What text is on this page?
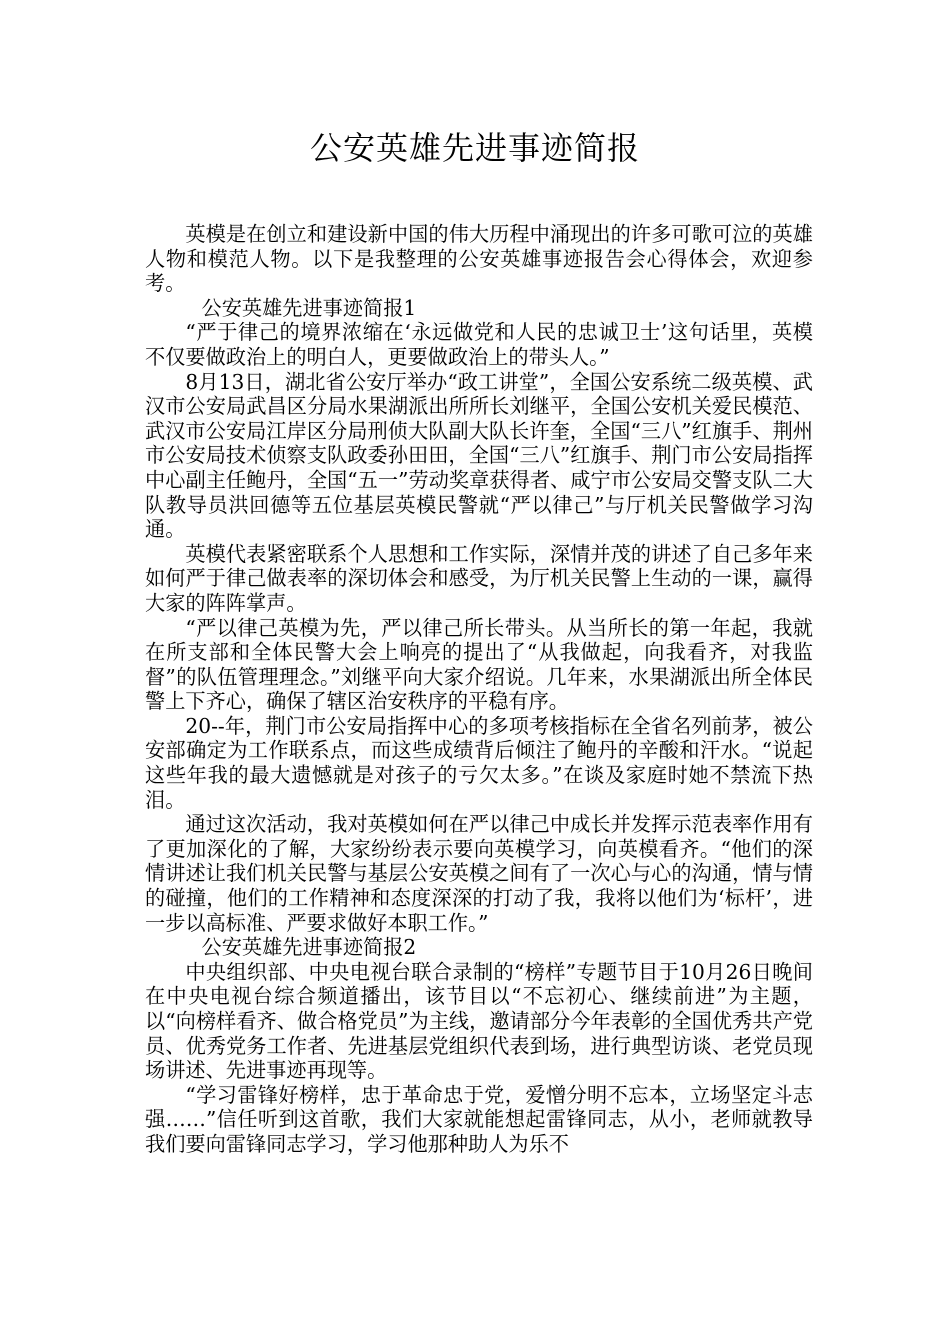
公安英雄先进事迹简报

英模是在创立和建设新中国的伟大历程中涌现出的许多可歌可泣的英雄人物和模范人物。以下是我整理的公安英雄事迹报告会心得体会，欢迎参考。

公安英雄先进事迹简报1

“严于律己的境界浓缩在‘永远做党和人民的忠诚卫士’这句话里，英模不仅要做政治上的明白人，更要做政治上的带头人。”

8月13日，湖北省公安厅举办“政工讲堂”，全国公安系统二级英模、武汉市公安局武昌区分局水果湖派出所所长刘继平，全国公安机关爱民模范、武汉市公安局江岸区分局刑侦大队副大队长许奎，全国“三八”红旗手、荆州市公安局技术侦察支队政委孙田田，全国“三八”红旗手、荆门市公安局指挥中心副主任鲍丹，全国“五一”劳动奖章获得者、咸宁市公安局交警支队二大队教导员洪回德等五位基层英模民警就“严以律己”与厅机关民警做学习沟通。

英模代表紧密联系个人思想和工作实际，深情并茂的讲述了自己多年来如何严于律己做表率的深切体会和感受，为厅机关民警上生动的一课，赢得大家的阵阵掌声。

“严以律己英模为先，严以律己所长带头。从当所长的第一年起，我就在所支部和全体民警大会上响亮的提出了“从我做起，向我看齐，对我监督”的队伍管理理念。”刘继平向大家介绍说。几年来，水果湖派出所全体民警上下齐心，确保了辖区治安秩序的平稳有序。

20--年，荆门市公安局指挥中心的多项考核指标在全省名列前茅，被公安部确定为工作联系点，而这些成绩背后倾注了鲍丹的辛酸和汗水。“说起这些年我的最大遗憾就是对孩子的亏欠太多。”在谈及家庭时她不禁流下热泪。

通过这次活动，我对英模如何在严以律己中成长并发挥示范表率作用有了更加深化的了解，大家纷纷表示要向英模学习，向英模看齐。“他们的深情讲述让我们机关民警与基层公安英模之间有了一次心与心的沟通，情与情的碰撞，他们的工作精神和态度深深的打动了我，我将以他们为‘标杆’，进一步以高标准、严要求做好本职工作。”

公安英雄先进事迹简报2

中央组织部、中央电视台联合录制的“榜样”专题节目于10月26日晚间在中央电视台综合频道播出，该节目以“不忘初心、继续前进”为主题，以“向榜样看齐、做合格党员”为主线，邀请部分今年表彰的全国优秀共产党员、优秀党务工作者、先进基层党组织代表到场，进行典型访谈、老党员现场讲述、先进事迹再现等。

“学习雷锋好榜样，忠于革命忠于党，爱憎分明不忘本，立场坚定斗志强……”信任听到这首歌，我们大家就能想起雷锋同志，从小，老师就教导我们要向雷锋同志学习，学习他那种助人为乐不
